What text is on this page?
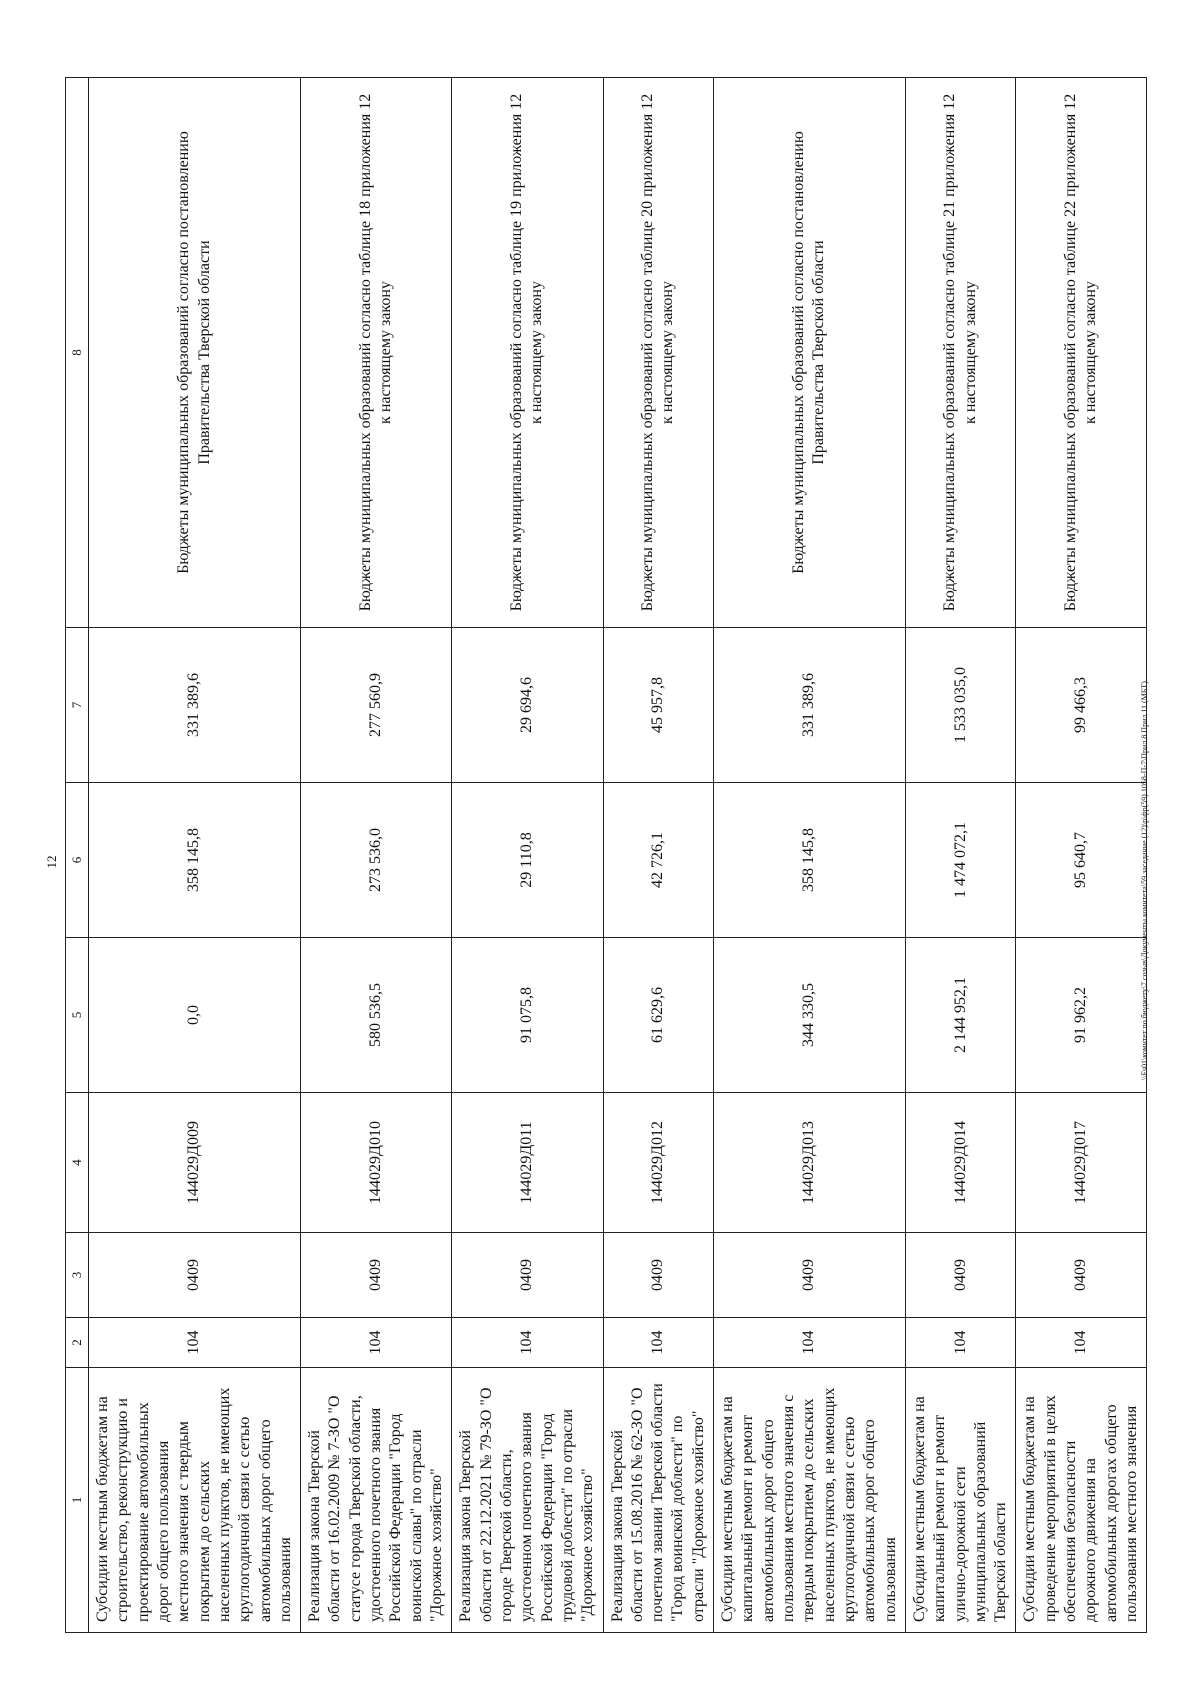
12
1	2	3	4	5	6	7	8
Субсидии местным бюджетам на строительство, реконструкцию и проектирование автомобильных дорог общего пользования местного значения с твердым покрытием до сельских населенных пунктов, не имеющих круглогодичной связи с сетью автомобильных дорог общего пользования	104	0409	144029Д009	0,0	358 145,8	331 389,6	Бюджеты муниципальных образований согласно постановлению Правительства Тверской области
Реализация закона Тверской области от 16.02.2009 № 7-ЗО "О статусе города Тверской области, удостоенного почетного звания Российской Федерации "Город воинской славы" по отрасли "Дорожное хозяйство"	104	0409	144029Д010	580 536,5	273 536,0	277 560,9	Бюджеты муниципальных образований согласно таблице 18 приложения 12 к настоящему закону
Реализация закона Тверской области от 22.12.2021 № 79-ЗО "О городе Тверской области, удостоенном почетного звания Российской Федерации "Город трудовой доблести" по отрасли "Дорожное хозяйство"	104	0409	144029Д011	91 075,8	29 110,8	29 694,6	Бюджеты муниципальных образований согласно таблице 19 приложения 12 к настоящему закону
Реализация закона Тверской области от 15.08.2016 № 62-ЗО "О почетном звании Тверской области "Город воинской доблести" по отрасли "Дорожное хозяйство"	104	0409	144029Д012	61 629,6	42 726,1	45 957,8	Бюджеты муниципальных образований согласно таблице 20 приложения 12 к настоящему закону
Субсидии местным бюджетам на капитальный ремонт и ремонт автомобильных дорог общего пользования местного значения с твердым покрытием до сельских населенных пунктов, не имеющих круглогодичной связи с сетью автомобильных дорог общего пользования	104	0409	144029Д013	344 330,5	358 145,8	331 389,6	Бюджеты муниципальных образований согласно постановлению Правительства Тверской области
Субсидии местным бюджетам на капитальный ремонт и ремонт улично-дорожной сети муниципальных образований Тверской области	104	0409	144029Д014	2 144 952,1	1 474 072,1	1 533 035,0	Бюджеты муниципальных образований согласно таблице 21 приложения 12 к настоящему закону
Субсидии местным бюджетам на проведение мероприятий в целях обеспечения безопасности дорожного движения на автомобильных дорогах общего пользования местного значения	104	0409	144029Д017	91 962,2	95 640,7	99 466,3	Бюджеты муниципальных образований согласно таблице 22 приложения 12 к настоящему закону
\\Fs01\комитет по бюджету\7 созыв\Документы комитета\59 заседание (12)\р\фр(59) 1058-П-7\Прил 8 Прил 11 (МБТ)
